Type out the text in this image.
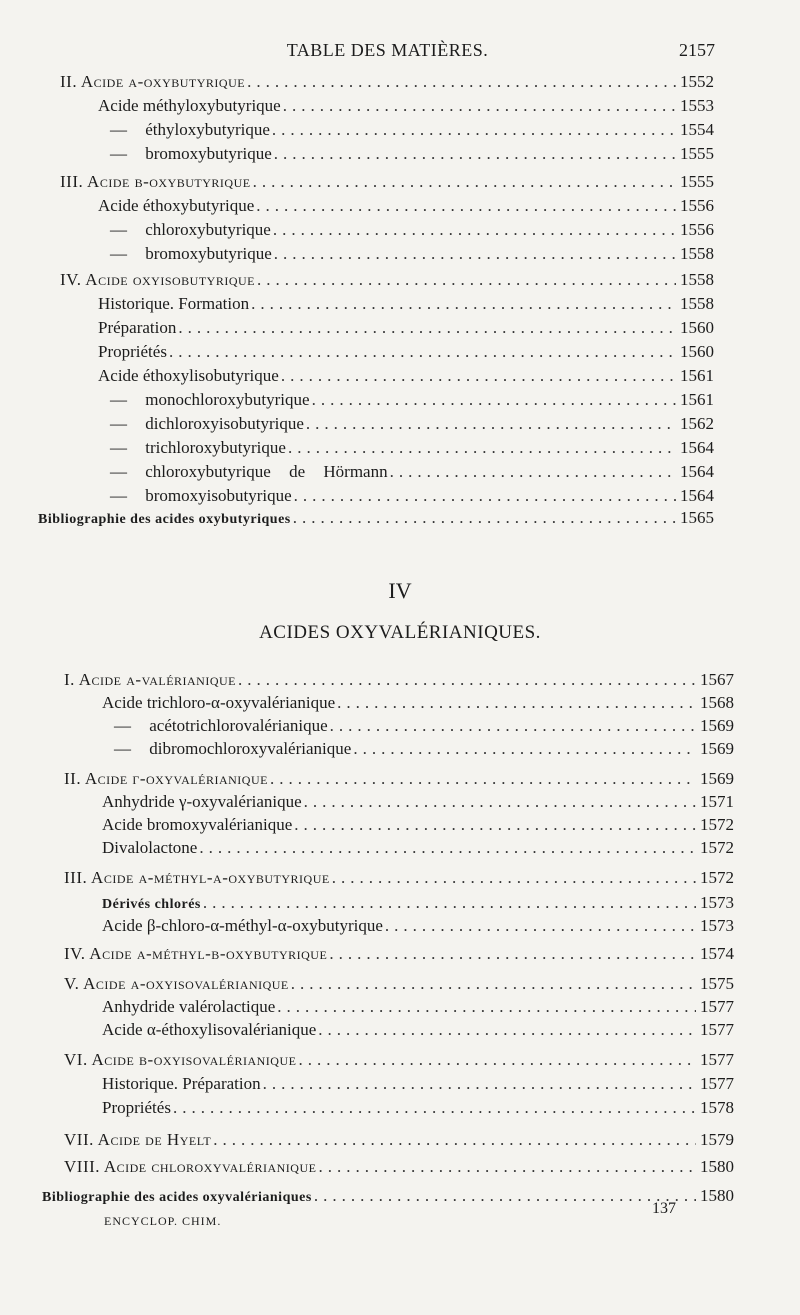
TABLE DES MATIÈRES.	2157
II. Acide α-oxybutyrique .....	1552
Acide méthyloxybutyrique .....	1553
— éthyloxybutyrique .....	1554
— bromoxybutyrique .....	1555
III. Acide β-oxybutyrique .....	1555
Acide éthoxybutyrique .....	1556
— chloroxybutyrique .....	1556
— bromoxybutyrique .....	1558
IV. Acide oxyisobutyrique .....	1558
Historique. Formation .....	1558
Préparation .....	1560
Propriétés .....	1560
Acide éthoxylisobutyrique .....	1561
— monochloroxybutyrique .....	1561
— dichloroxyisobutyrique .....	1562
— trichloroxybutyrique .....	1564
— chloroxybutyrique de Hörmann .....	1564
— bromoxyisobutyrique .....	1564
Bibliographie des acides oxybutyriques .....	1565
IV
ACIDES OXYVALÉRIANIQUES.
I. Acide α-valérianique .....	1567
Acide trichloro-α-oxyvalérianique .....	1568
— acétotrichlorovalérianique .....	1569
— dibromochloroxyvalérianique .....	1569
II. Acide γ-oxyvalérianique .....	1569
Anhydride γ-oxyvalérianique .....	1571
Acide bromoxyvalérianique .....	1572
Divalolactone .....	1572
III. Acide α-méthyl-α-oxybutyrique .....	1572
Dérivés chlorés .....	1573
Acide β-chloro-α-méthyl-α-oxybutyrique .....	1573
IV. Acide α-méthyl-β-oxybutyrique .....	1574
V. Acide α-oxyisovalérianique .....	1575
Anhydride valérolactique .....	1577
Acide α-éthoxylisovalérianique .....	1577
VI. Acide β-oxyisovalérianique .....	1577
Historique. Préparation .....	1577
Propriétés .....	1578
VII. Acide de Hyelt .....	1579
VIII. Acide chloroxyvalérianique .....	1580
Bibliographie des acides oxyvalérianiques .....	1580
137
ENCYCLOP. CHIM.
